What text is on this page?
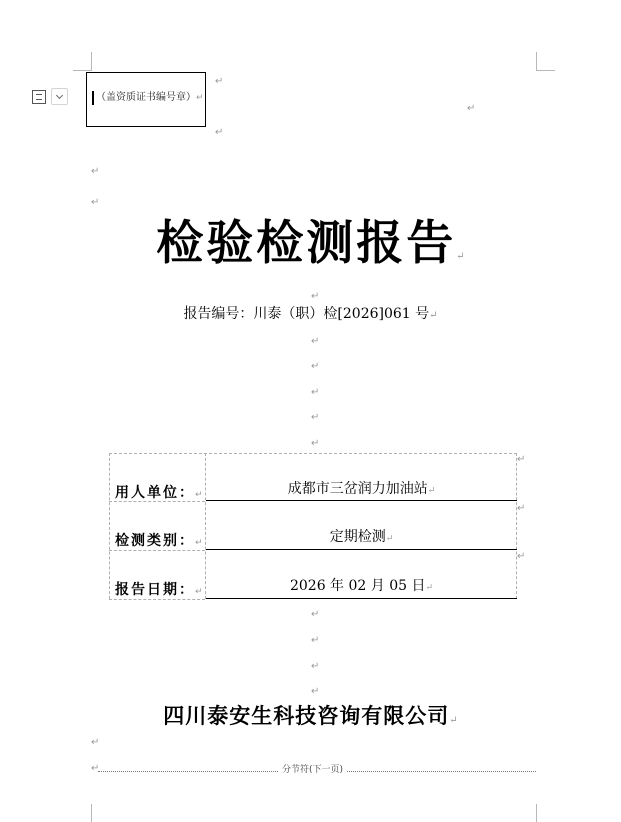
（盖资质证书编号章）↵
↵
↵
↵
↵
↵
检验检测报告↵
↵
报告编号：川泰（职）检[2026]061 号↵
↵
↵
↵
↵
↵
用人单位：↵	成都市三岔润力加油站↵
检测类别：↵	定期检测↵
报告日期：↵	2026 年 02 月 05 日↵
↵
↵
↵
↵
↵
↵
↵
四川泰安生科技咨询有限公司↵
↵
↵	分节符(下一页)
